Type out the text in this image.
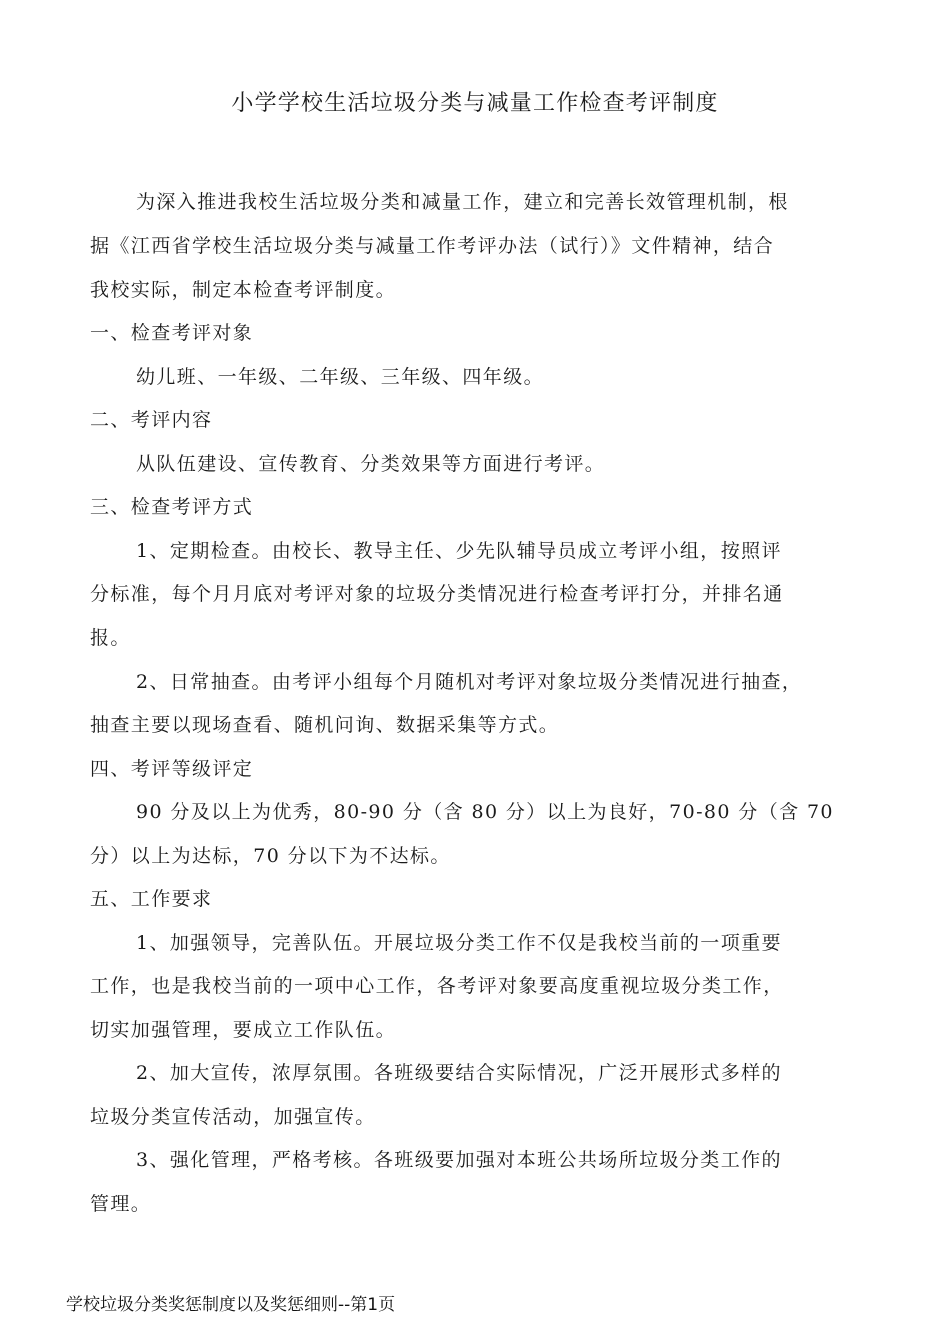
小学学校生活垃圾分类与减量工作检查考评制度
为深入推进我校生活垃圾分类和减量工作，建立和完善长效管理机制，根
据《江西省学校生活垃圾分类与减量工作考评办法（试行）》文件精神，结合
我校实际，制定本检查考评制度。
一、检查考评对象
幼儿班、一年级、二年级、三年级、四年级。
二、考评内容
从队伍建设、宣传教育、分类效果等方面进行考评。
三、检查考评方式
1、定期检查。由校长、教导主任、少先队辅导员成立考评小组，按照评
分标准，每个月月底对考评对象的垃圾分类情况进行检查考评打分，并排名通
报。
2、日常抽查。由考评小组每个月随机对考评对象垃圾分类情况进行抽查，
抽查主要以现场查看、随机问询、数据采集等方式。
四、考评等级评定
90 分及以上为优秀，80-90 分（含 80 分）以上为良好，70-80 分（含 70
分）以上为达标，70 分以下为不达标。
五、工作要求
1、加强领导，完善队伍。开展垃圾分类工作不仅是我校当前的一项重要
工作，也是我校当前的一项中心工作，各考评对象要高度重视垃圾分类工作，
切实加强管理，要成立工作队伍。
2、加大宣传，浓厚氛围。各班级要结合实际情况，广泛开展形式多样的
垃圾分类宣传活动，加强宣传。
3、强化管理，严格考核。各班级要加强对本班公共场所垃圾分类工作的
管理。
学校垃圾分类奖惩制度以及奖惩细则--第1页
